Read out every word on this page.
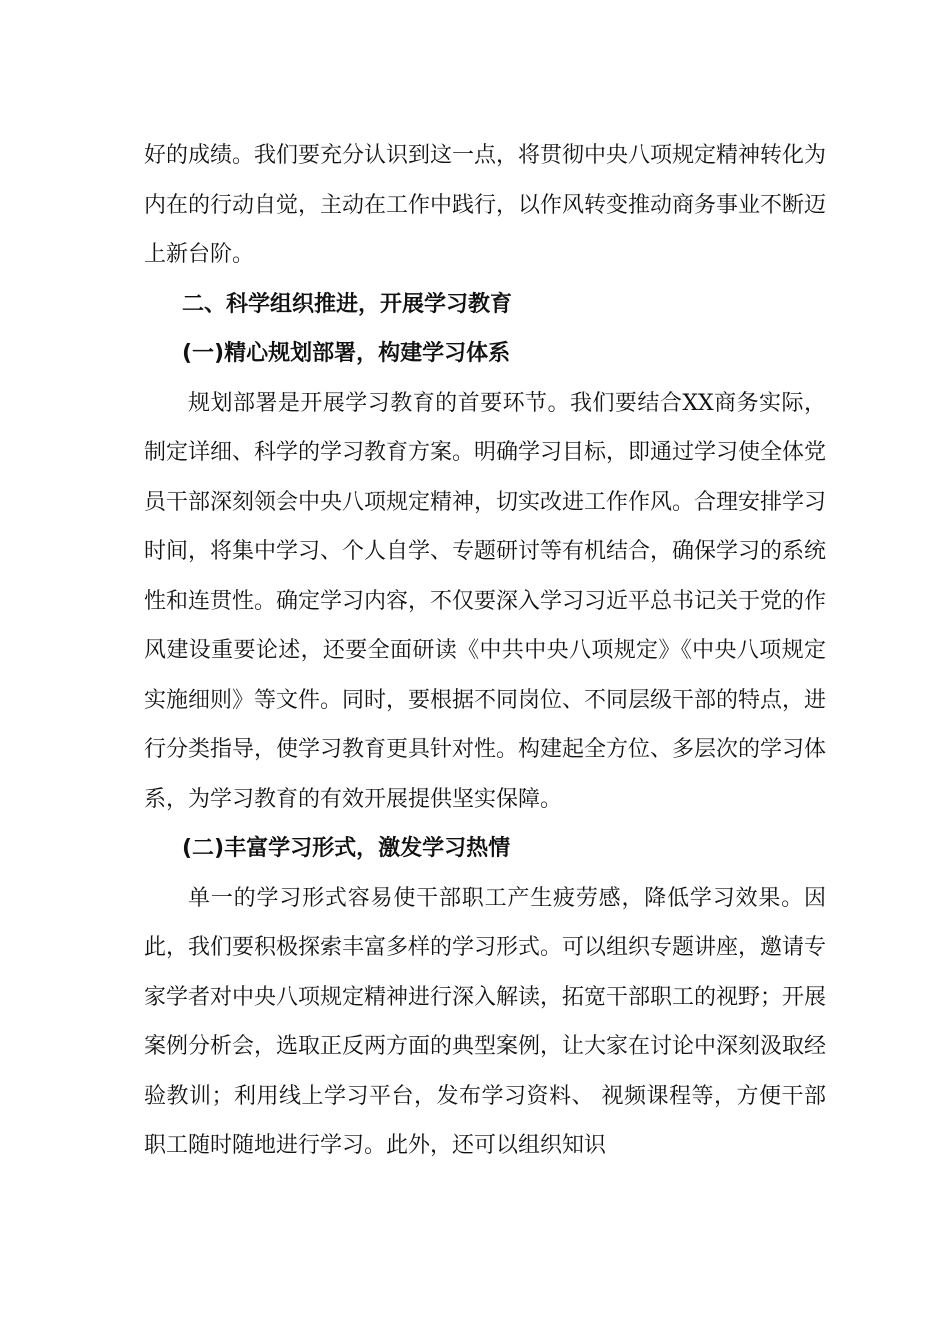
好的成绩。我们要充分认识到这一点，将贯彻中央八项规定精神转化为内在的行动自觉，主动在工作中践行，以作风转变推动商务事业不断迈上新台阶。

二、科学组织推进，开展学习教育

(一)精心规划部署，构建学习体系

规划部署是开展学习教育的首要环节。我们要结合XX商务实际，制定详细、科学的学习教育方案。明确学习目标，即通过学习使全体党员干部深刻领会中央八项规定精神，切实改进工作作风。合理安排学习时间，将集中学习、个人自学、专题研讨等有机结合，确保学习的系统性和连贯性。确定学习内容，不仅要深入学习习近平总书记关于党的作风建设重要论述，还要全面研读《中共中央八项规定》《中央八项规定实施细则》等文件。同时，要根据不同岗位、不同层级干部的特点，进行分类指导，使学习教育更具针对性。构建起全方位、多层次的学习体系，为学习教育的有效开展提供坚实保障。

(二)丰富学习形式，激发学习热情

单一的学习形式容易使干部职工产生疲劳感，降低学习效果。因此，我们要积极探索丰富多样的学习形式。可以组织专题讲座，邀请专家学者对中央八项规定精神进行深入解读，拓宽干部职工的视野；开展案例分析会，选取正反两方面的典型案例，让大家在讨论中深刻汲取经验教训；利用线上学习平台，发布学习资料、 视频课程等，方便干部职工随时随地进行学习。此外，还可以组织知识
